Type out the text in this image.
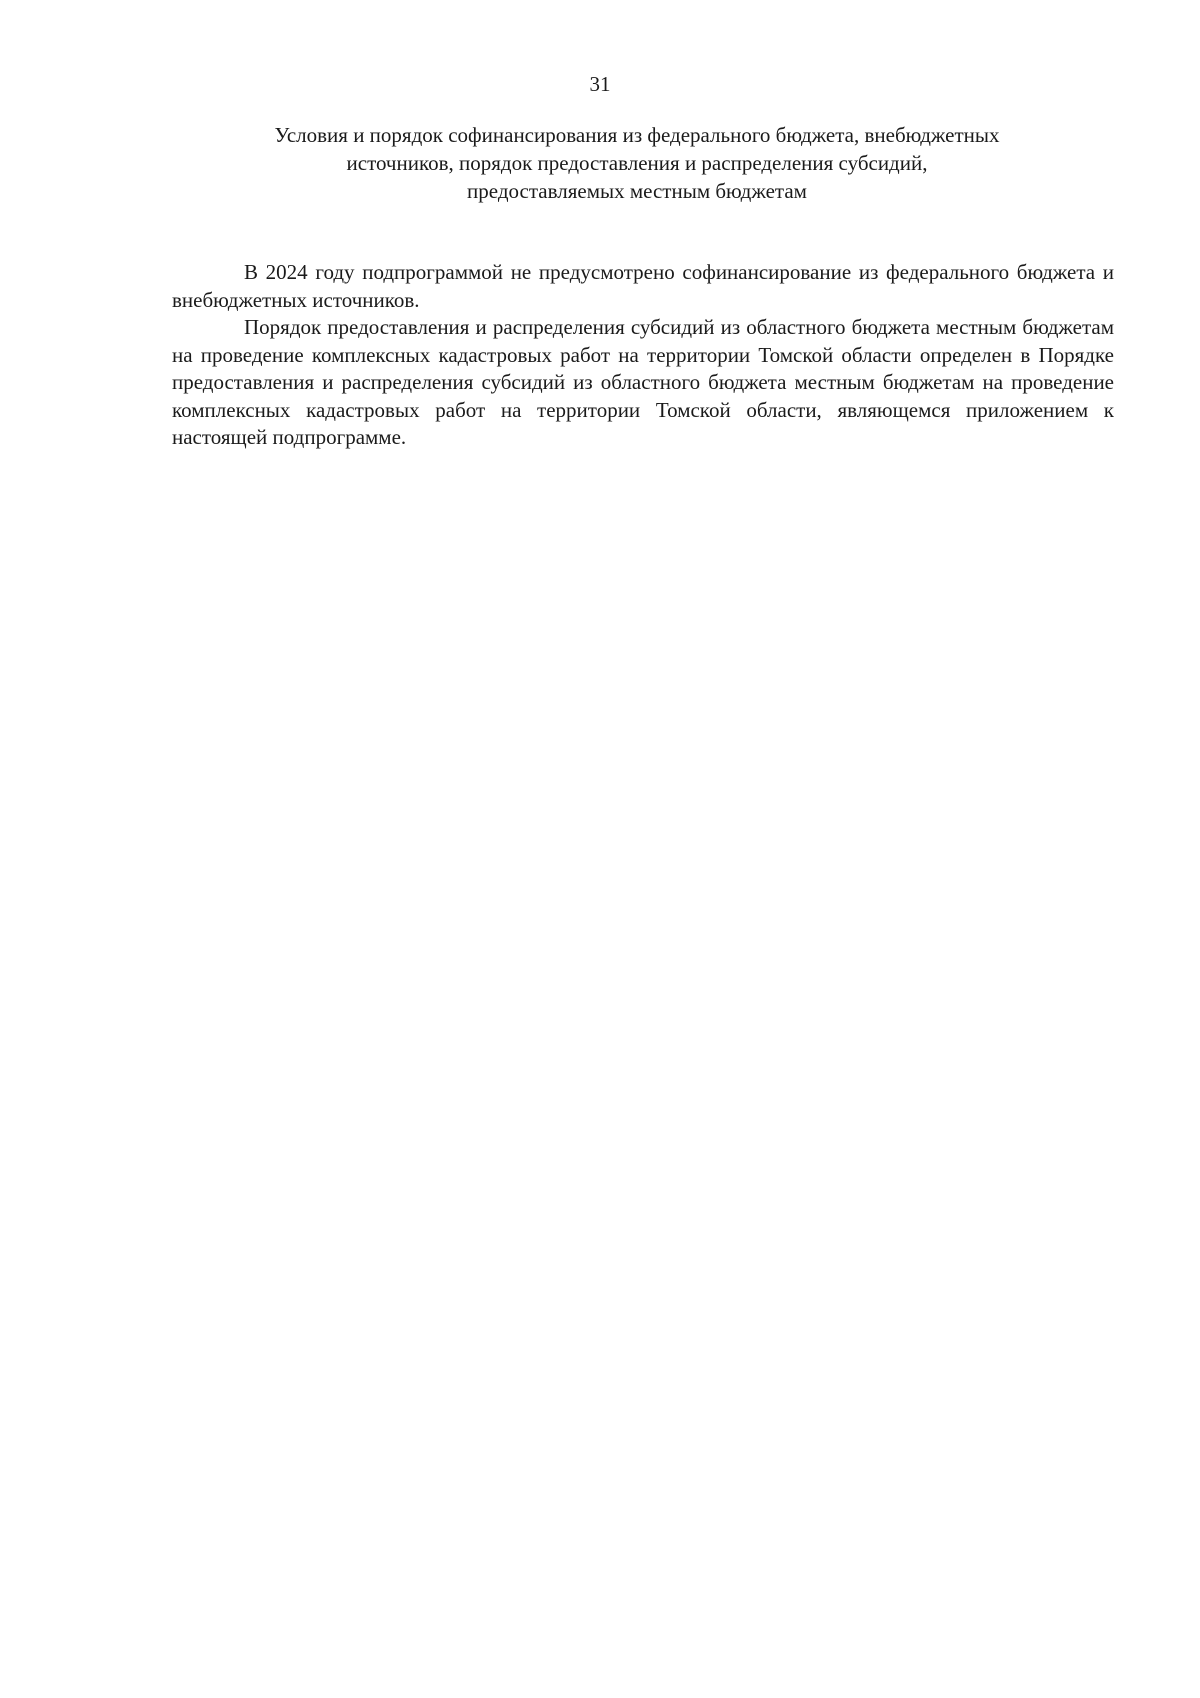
31
Условия и порядок софинансирования из федерального бюджета, внебюджетных
источников, порядок предоставления и распределения субсидий,
предоставляемых местным бюджетам

В 2024 году подпрограммой не предусмотрено софинансирование из федерального бюджета и внебюджетных источников.

Порядок предоставления и распределения субсидий из областного бюджета местным бюджетам на проведение комплексных кадастровых работ на территории Томской области определен в Порядке предоставления и распределения субсидий из областного бюджета местным бюджетам на проведение комплексных кадастровых работ на территории Томской области, являющемся приложением к настоящей подпрограмме.
